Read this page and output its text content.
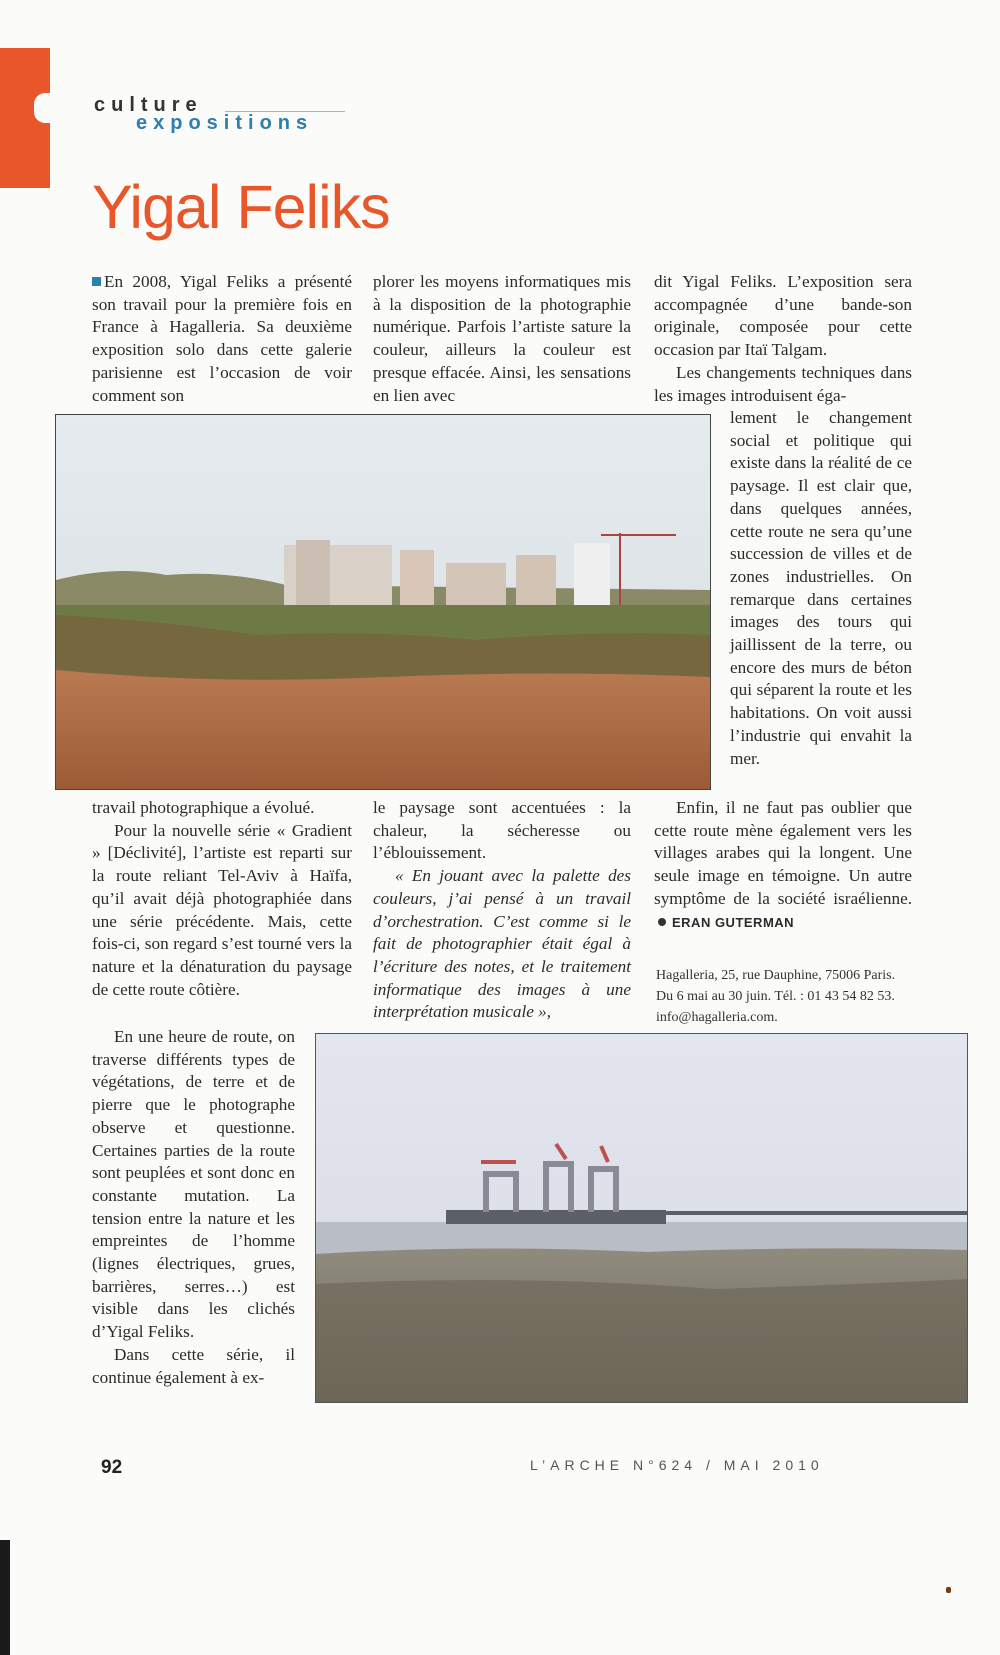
culture
expositions
Yigal Feliks

En 2008, Yigal Feliks a présenté son travail pour la première fois en France à Hagalleria. Sa deuxième exposition solo dans cette galerie parisienne est l’occasion de voir comment son

plorer les moyens informatiques mis à la disposition de la photographie numérique. Parfois l’artiste sature la couleur, ailleurs la couleur est presque effacée. Ainsi, les sensations en lien avec

dit Yigal Feliks. L’exposition sera accompagnée d’une bande-son originale, composée pour cette occasion par Itaï Talgam.

Les changements techniques dans les images introduisent éga-

lement le changement social et politique qui existe dans la réalité de ce paysage. Il est clair que, dans quelques années, cette route ne sera qu’une succession de villes et de zones industrielles. On remarque dans certaines images des tours qui jaillissent de la terre, ou encore des murs de béton qui séparent la route et les habitations. On voit aussi l’industrie qui envahit la mer.

travail photographique a évolué.

Pour la nouvelle série « Gradient » [Déclivité], l’artiste est reparti sur la route reliant Tel-Aviv à Haïfa, qu’il avait déjà photographiée dans une série précédente. Mais, cette fois-ci, son regard s’est tourné vers la nature et la dénaturation du paysage de cette route côtière.

En une heure de route, on traverse différents types de végétations, de terre et de pierre que le photographe observe et questionne. Certaines parties de la route sont peuplées et sont donc en constante mutation. La tension entre la nature et les empreintes de l’homme (lignes électriques, grues, barrières, serres…) est visible dans les clichés d’Yigal Feliks.

Dans cette série, il continue également à ex-

le paysage sont accentuées : la chaleur, la sécheresse ou l’éblouissement.

« En jouant avec la palette des couleurs, j’ai pensé à un travail d’orchestration. C’est comme si le fait de photographier était égal à l’écriture des notes, et le traitement informatique des images à une interprétation musicale »,

Enfin, il ne faut pas oublier que cette route mène également vers les villages arabes qui la longent. Une seule image en témoigne. Un autre symptôme de la société israélienne.ERAN GUTERMAN

Hagalleria, 25, rue Dauphine, 75006 Paris.

Du 6 mai au 30 juin. Tél. : 01 43 54 82 53.

info@hagalleria.com.

92	L’ARCHE N°624 / MAI 2010
